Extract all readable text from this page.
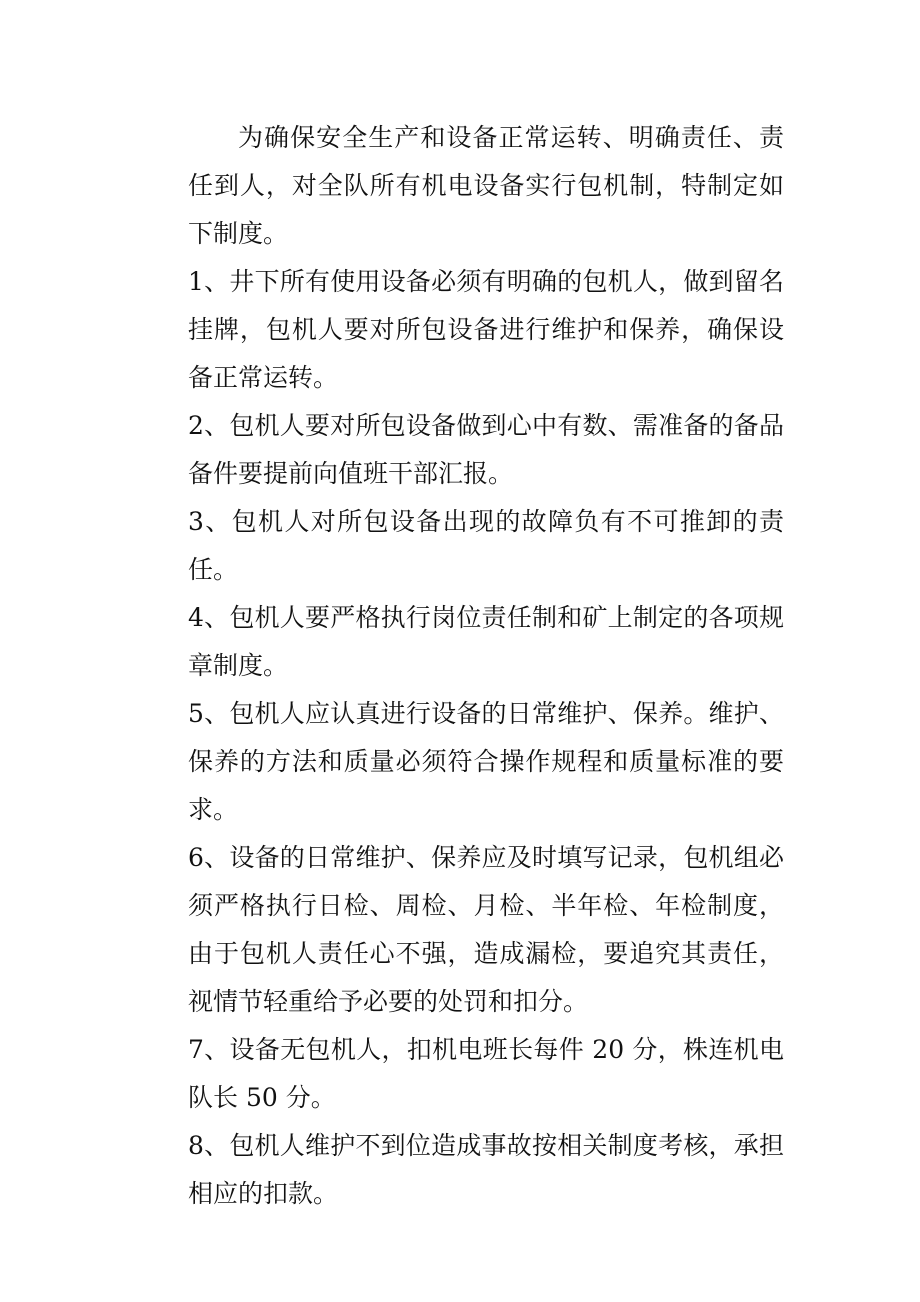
为确保安全生产和设备正常运转、明确责任、责任到人，对全队所有机电设备实行包机制，特制定如下制度。

1、井下所有使用设备必须有明确的包机人，做到留名挂牌，包机人要对所包设备进行维护和保养，确保设备正常运转。

2、包机人要对所包设备做到心中有数、需准备的备品备件要提前向值班干部汇报。

3、包机人对所包设备出现的故障负有不可推卸的责任。

4、包机人要严格执行岗位责任制和矿上制定的各项规章制度。

5、包机人应认真进行设备的日常维护、保养。维护、保养的方法和质量必须符合操作规程和质量标准的要求。

6、设备的日常维护、保养应及时填写记录，包机组必须严格执行日检、周检、月检、半年检、年检制度，由于包机人责任心不强，造成漏检，要追究其责任，视情节轻重给予必要的处罚和扣分。

7、设备无包机人，扣机电班长每件 20 分，株连机电队长 50 分。

8、包机人维护不到位造成事故按相关制度考核，承担相应的扣款。
